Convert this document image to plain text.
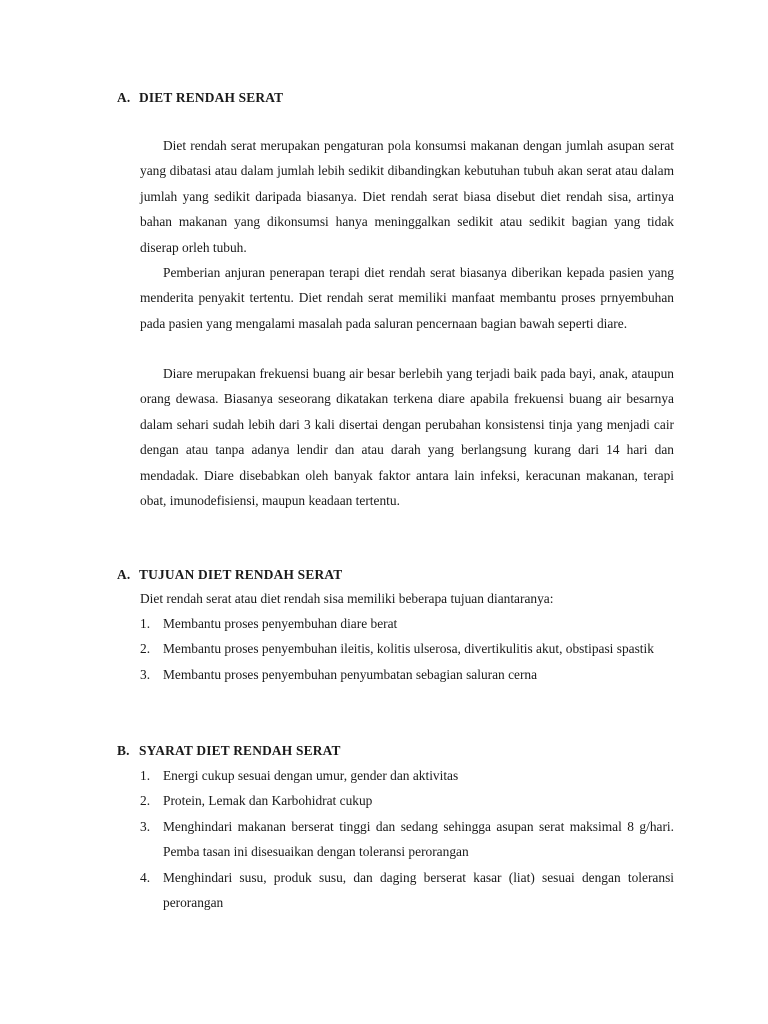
A. DIET RENDAH SERAT

Diet rendah serat merupakan pengaturan pola konsumsi makanan dengan jumlah asupan serat yang dibatasi atau dalam jumlah lebih sedikit dibandingkan kebutuhan tubuh akan serat atau dalam jumlah yang sedikit daripada biasanya. Diet rendah serat biasa disebut diet rendah sisa, artinya bahan makanan yang dikonsumsi hanya meninggalkan sedikit atau sedikit bagian yang tidak diserap orleh tubuh.

Pemberian anjuran penerapan terapi diet rendah serat biasanya diberikan kepada pasien yang menderita penyakit tertentu. Diet rendah serat memiliki manfaat membantu proses prnyembuhan pada pasien yang mengalami masalah pada saluran pencernaan bagian bawah seperti diare.

Diare merupakan frekuensi buang air besar berlebih yang terjadi baik pada bayi, anak, ataupun orang dewasa. Biasanya seseorang dikatakan terkena diare apabila frekuensi buang air besarnya dalam sehari sudah lebih dari 3 kali disertai dengan perubahan konsistensi tinja yang menjadi cair dengan atau tanpa adanya lendir dan atau darah yang berlangsung kurang dari 14 hari dan mendadak. Diare disebabkan oleh banyak faktor antara lain infeksi, keracunan makanan, terapi obat, imunodefisiensi, maupun keadaan tertentu.

A. TUJUAN DIET RENDAH SERAT

Diet rendah serat atau diet rendah sisa memiliki beberapa tujuan diantaranya:

1. Membantu proses penyembuhan diare berat
2. Membantu proses penyembuhan ileitis, kolitis ulserosa, divertikulitis akut, obstipasi spastik
3. Membantu proses penyembuhan penyumbatan sebagian saluran cerna
B. SYARAT DIET RENDAH SERAT
1. Energi cukup sesuai dengan umur, gender dan aktivitas
2. Protein, Lemak dan Karbohidrat cukup
3. Menghindari makanan berserat tinggi dan sedang sehingga asupan serat maksimal 8 g/hari. Pemba tasan ini disesuaikan dengan toleransi perorangan
4. Menghindari susu, produk susu, dan daging berserat kasar (liat) sesuai dengan toleransi perorangan
